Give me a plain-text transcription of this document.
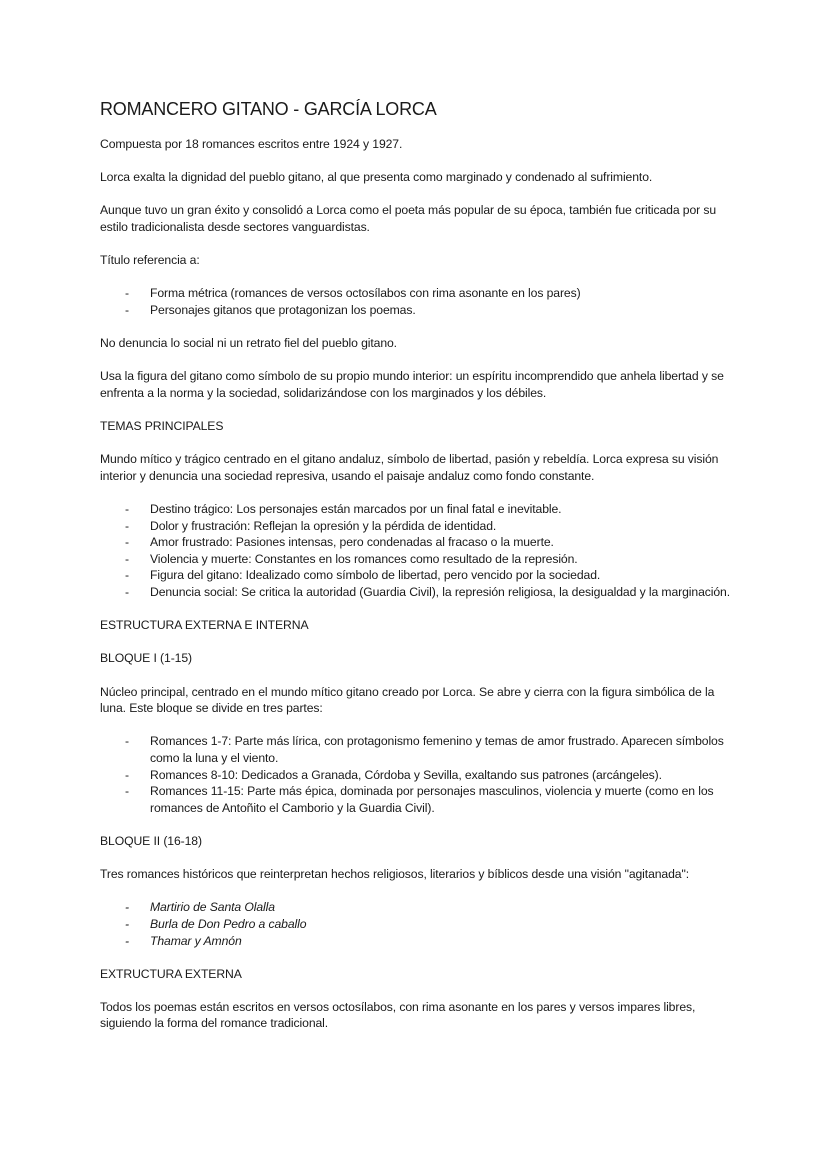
ROMANCERO GITANO - GARCÍA LORCA

Compuesta por 18 romances escritos entre 1924 y 1927.

Lorca exalta la dignidad del pueblo gitano, al que presenta como marginado y condenado al sufrimiento.

Aunque tuvo un gran éxito y consolidó a Lorca como el poeta más popular de su época, también fue criticada por su estilo tradicionalista desde sectores vanguardistas.

Título referencia a:

- Forma métrica (romances de versos octosílabos con rima asonante en los pares)
- Personajes gitanos que protagonizan los poemas.

No denuncia lo social ni un retrato fiel del pueblo gitano.

Usa la figura del gitano como símbolo de su propio mundo interior: un espíritu incomprendido que anhela libertad y se enfrenta a la norma y la sociedad, solidarizándose con los marginados y los débiles.

TEMAS PRINCIPALES

Mundo mítico y trágico centrado en el gitano andaluz, símbolo de libertad, pasión y rebeldía. Lorca expresa su visión interior y denuncia una sociedad represiva, usando el paisaje andaluz como fondo constante.

- Destino trágico: Los personajes están marcados por un final fatal e inevitable.
- Dolor y frustración: Reflejan la opresión y la pérdida de identidad.
- Amor frustrado: Pasiones intensas, pero condenadas al fracaso o la muerte.
- Violencia y muerte: Constantes en los romances como resultado de la represión.
- Figura del gitano: Idealizado como símbolo de libertad, pero vencido por la sociedad.
- Denuncia social: Se critica la autoridad (Guardia Civil), la represión religiosa, la desigualdad y la marginación.

ESTRUCTURA EXTERNA E INTERNA

BLOQUE I (1-15)

Núcleo principal, centrado en el mundo mítico gitano creado por Lorca. Se abre y cierra con la figura simbólica de la luna. Este bloque se divide en tres partes:

- Romances 1-7: Parte más lírica, con protagonismo femenino y temas de amor frustrado. Aparecen símbolos como la luna y el viento.
- Romances 8-10: Dedicados a Granada, Córdoba y Sevilla, exaltando sus patrones (arcángeles).
- Romances 11-15: Parte más épica, dominada por personajes masculinos, violencia y muerte (como en los romances de Antoñito el Camborio y la Guardia Civil).

BLOQUE II (16-18)

Tres romances históricos que reinterpretan hechos religiosos, literarios y bíblicos desde una visión "agitanada":

- Martirio de Santa Olalla
- Burla de Don Pedro a caballo
- Thamar y Amnón

EXTRUCTURA EXTERNA

Todos los poemas están escritos en versos octosílabos, con rima asonante en los pares y versos impares libres, siguiendo la forma del romance tradicional.
